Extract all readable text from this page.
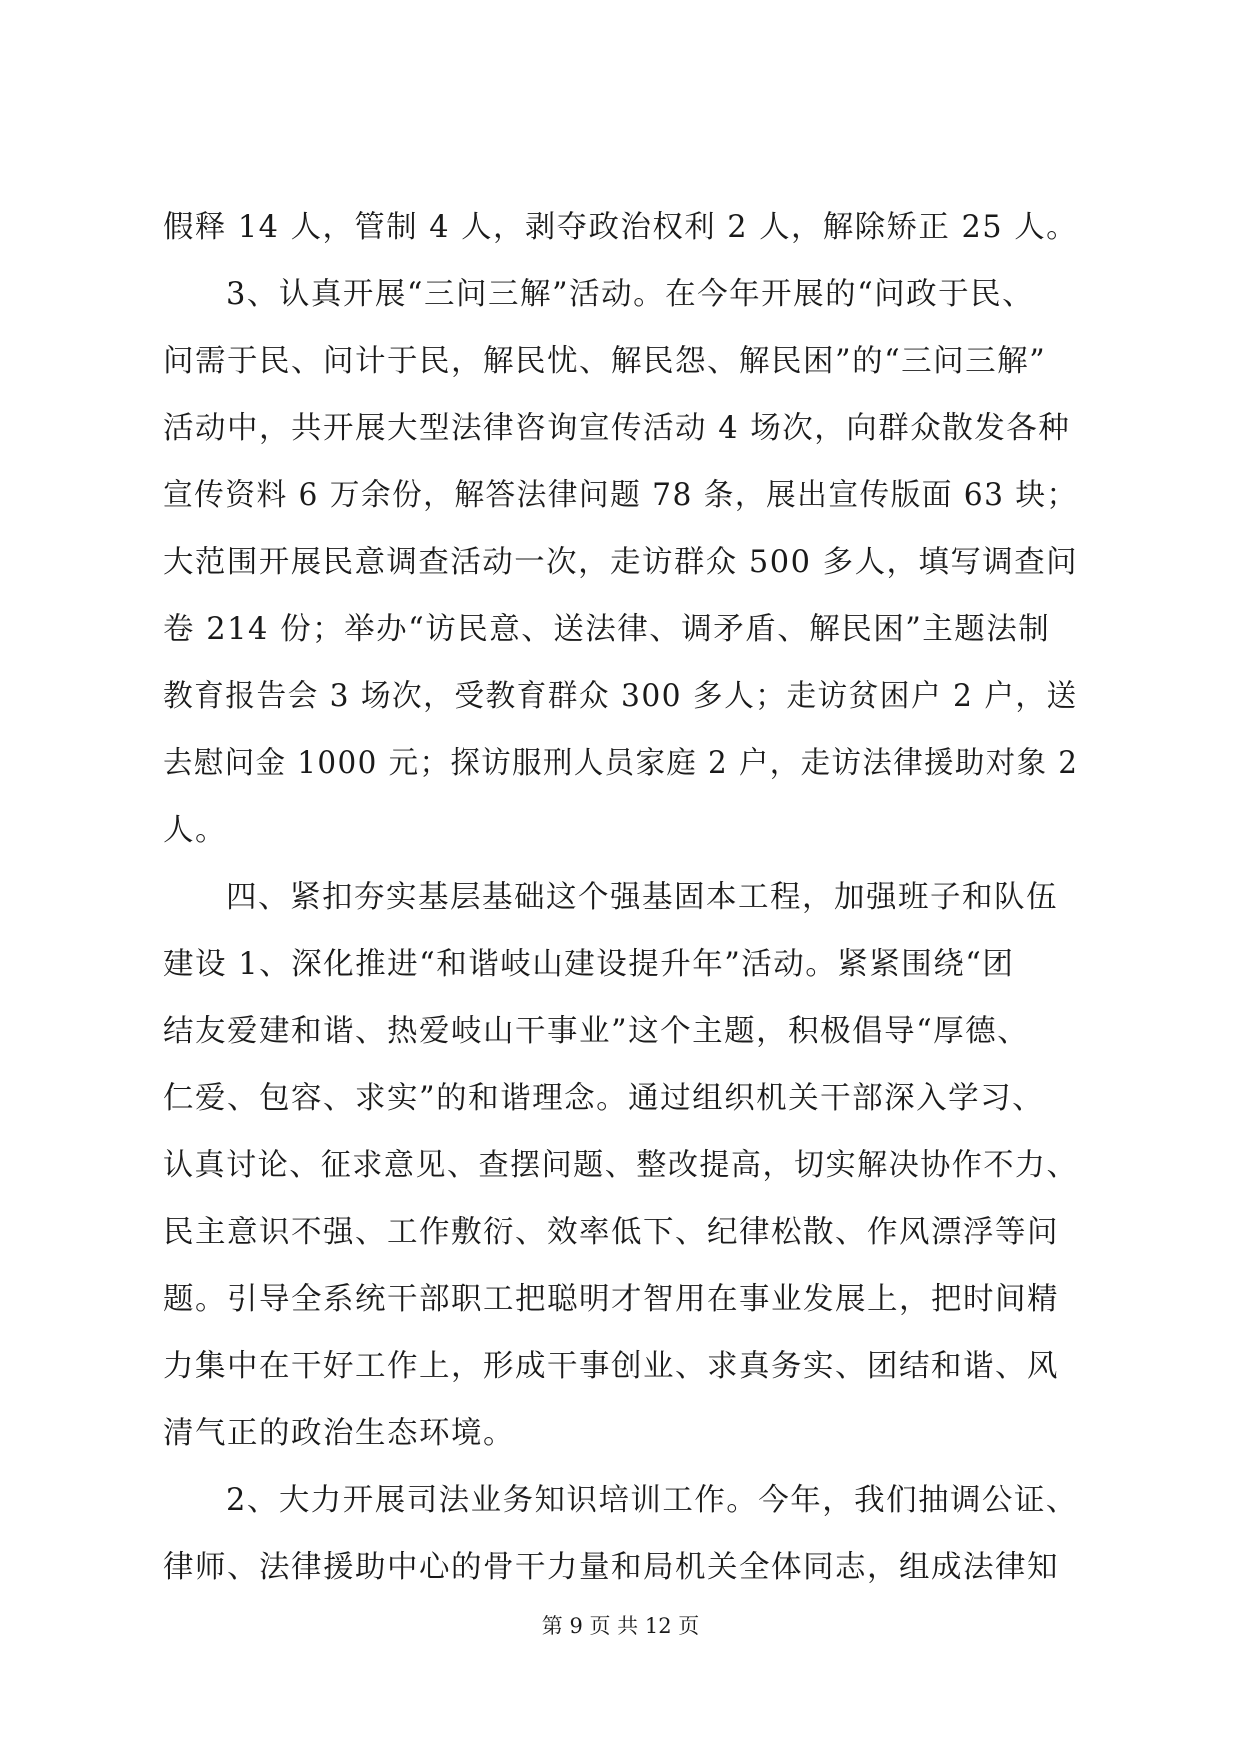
假释 14 人，管制 4 人，剥夺政治权利 2 人，解除矫正 25 人。
3、认真开展“三问三解”活动。在今年开展的“问政于民、
问需于民、问计于民，解民忧、解民怨、解民困”的“三问三解”
活动中，共开展大型法律咨询宣传活动 4 场次，向群众散发各种
宣传资料 6 万余份，解答法律问题 78 条，展出宣传版面 63 块；
大范围开展民意调查活动一次，走访群众 500 多人，填写调查问
卷 214 份；举办“访民意、送法律、调矛盾、解民困”主题法制
教育报告会 3 场次，受教育群众 300 多人；走访贫困户 2 户，送
去慰问金 1000 元；探访服刑人员家庭 2 户，走访法律援助对象 2
人。
四、紧扣夯实基层基础这个强基固本工程，加强班子和队伍
建设 1、深化推进“和谐岐山建设提升年”活动。紧紧围绕“团
结友爱建和谐、热爱岐山干事业”这个主题，积极倡导“厚德、
仁爱、包容、求实”的和谐理念。通过组织机关干部深入学习、
认真讨论、征求意见、查摆问题、整改提高，切实解决协作不力、
民主意识不强、工作敷衍、效率低下、纪律松散、作风漂浮等问
题。引导全系统干部职工把聪明才智用在事业发展上，把时间精
力集中在干好工作上，形成干事创业、求真务实、团结和谐、风
清气正的政治生态环境。
2、大力开展司法业务知识培训工作。今年，我们抽调公证、
律师、法律援助中心的骨干力量和局机关全体同志，组成法律知
第 9 页 共 12 页
